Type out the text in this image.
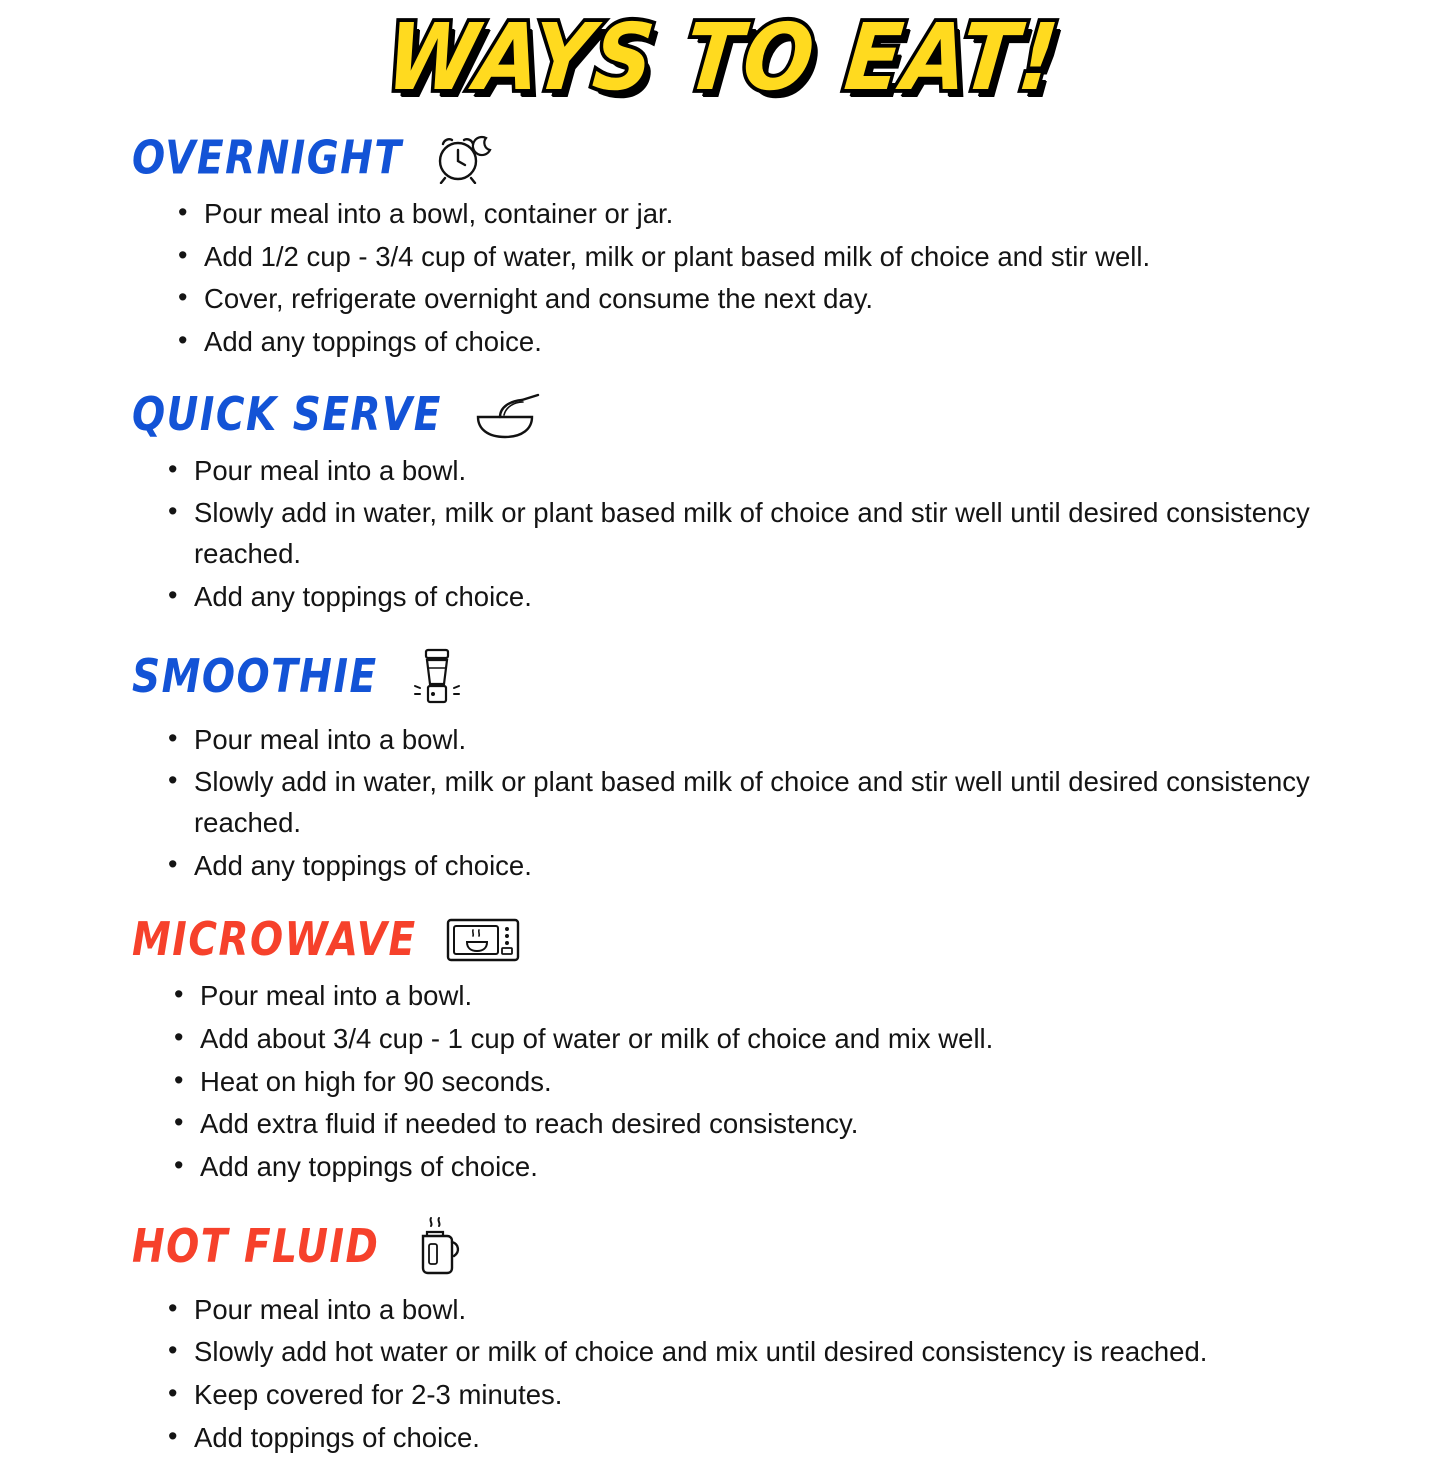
WAYS TO EAT!
OVERNIGHT
• Pour meal into a bowl, container or jar.
• Add 1/2 cup - 3/4 cup of water, milk or plant based milk of choice and stir well.
• Cover, refrigerate overnight and consume the next day.
• Add any toppings of choice.
QUICK SERVE
• Pour meal into a bowl.
• Slowly add in water, milk or plant based milk of choice and stir well until desired consistency reached.
• Add any toppings of choice.
SMOOTHIE
• Pour meal into a bowl.
• Slowly add in water, milk or plant based milk of choice and stir well until desired consistency reached.
• Add any toppings of choice.
MICROWAVE
• Pour meal into a bowl.
• Add about 3/4 cup - 1 cup of water or milk of choice and mix well.
• Heat on high for 90 seconds.
• Add extra fluid if needed to reach desired consistency.
• Add any toppings of choice.
HOT FLUID
• Pour meal into a bowl.
• Slowly add hot water or milk of choice and mix until desired consistency is reached.
• Keep covered for 2-3 minutes.
• Add toppings of choice.
